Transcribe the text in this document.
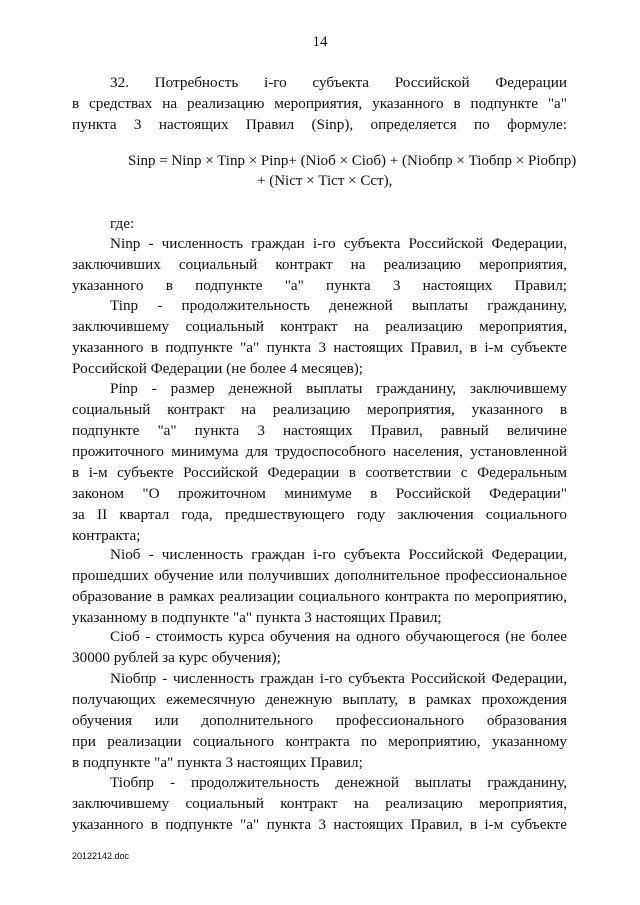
14
32. Потребность i-го субъекта Российской Федерации
в средствах на реализацию мероприятия, указанного в подпункте "а"
пункта 3 настоящих Правил (Sinp), определяется по формуле:
Sinp = Ninp × Tinp × Pinp+ (Niоб × Ciоб) + (Niобпр × Tiобпр × Piобпр)
+ (Nicт × Ticт × Ccт),
где:
Ninp - численность граждан i-го субъекта Российской Федерации,
заключивших социальный контракт на реализацию мероприятия,
указанного в подпункте "а" пункта 3 настоящих Правил;
Tinp - продолжительность денежной выплаты гражданину,
заключившему социальный контракт на реализацию мероприятия,
указанного в подпункте "а" пункта 3 настоящих Правил, в i-м субъекте
Российской Федерации (не более 4 месяцев);
Pinp - размер денежной выплаты гражданину, заключившему
социальный контракт на реализацию мероприятия, указанного в
подпункте "а" пункта 3 настоящих Правил, равный величине
прожиточного минимума для трудоспособного населения, установленной
в i-м субъекте Российской Федерации в соответствии с Федеральным
законом "О прожиточном минимуме в Российской Федерации"
за II квартал года, предшествующего году заключения социального
контракта;
Niоб - численность граждан i-го субъекта Российской Федерации,
прошедших обучение или получивших дополнительное профессиональное
образование в рамках реализации социального контракта по мероприятию,
указанному в подпункте "а" пункта 3 настоящих Правил;
Ciоб - стоимость курса обучения на одного обучающегося (не более
30000 рублей за курс обучения);
Niобпр - численность граждан i-го субъекта Российской Федерации,
получающих ежемесячную денежную выплату, в рамках прохождения
обучения или дополнительного профессионального образования
при реализации социального контракта по мероприятию, указанному
в подпункте "а" пункта 3 настоящих Правил;
Tiобпр - продолжительность денежной выплаты гражданину,
заключившему социальный контракт на реализацию мероприятия,
указанного в подпункте "а" пункта 3 настоящих Правил, в i-м субъекте
20122142.doc
